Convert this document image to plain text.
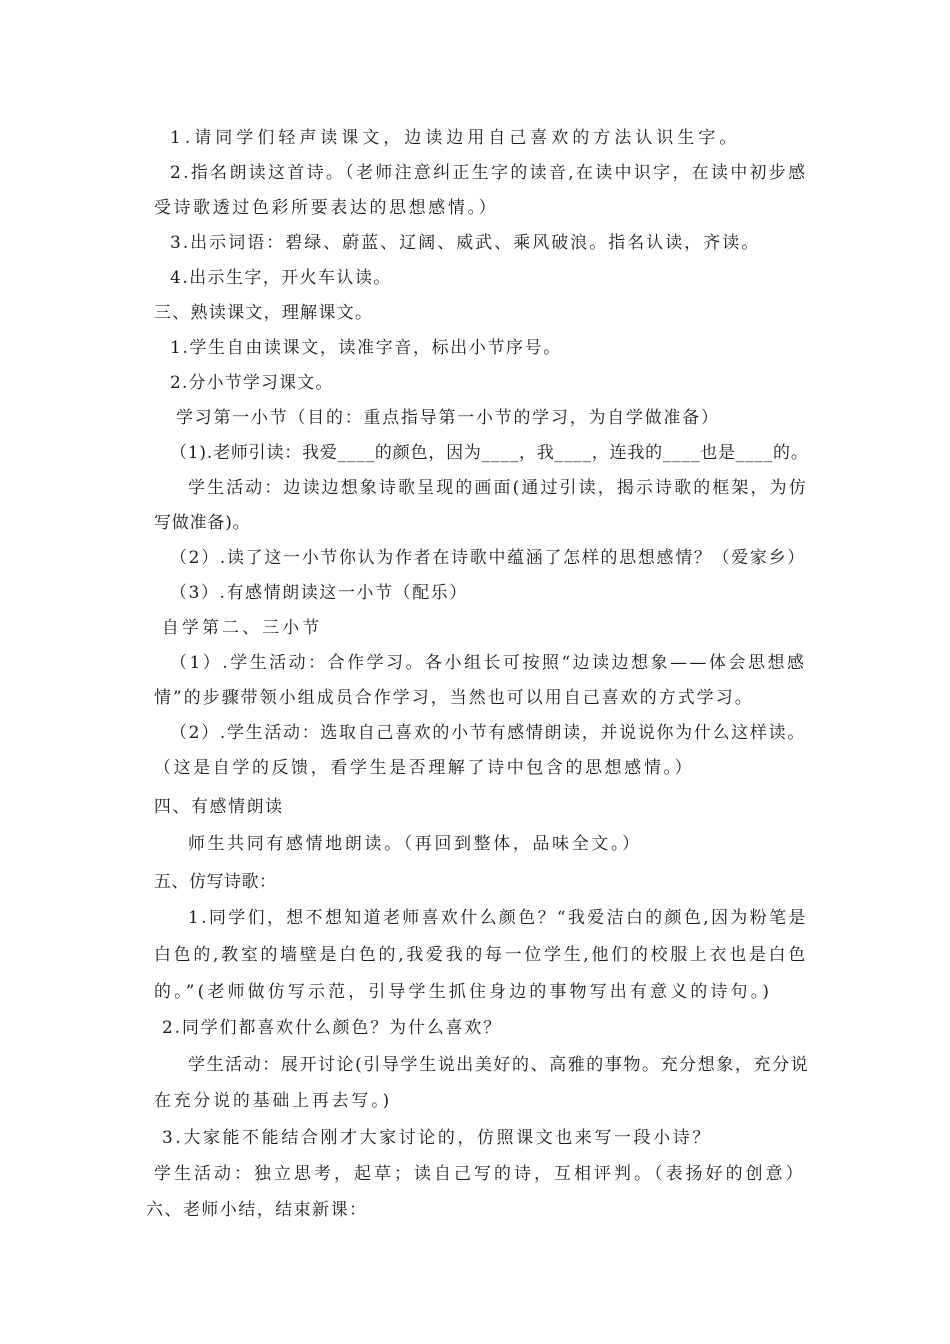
1.请同学们轻声读课文，边读边用自己喜欢的方法认识生字。
2.指名朗读这首诗。（老师注意纠正生字的读音,在读中识字，在读中初步感
受诗歌透过色彩所要表达的思想感情。）
3.出示词语：碧绿、蔚蓝、辽阔、威武、乘风破浪。指名认读，齐读。
4.出示生字，开火车认读。
三、熟读课文，理解课文。
1.学生自由读课文，读准字音，标出小节序号。
2.分小节学习课文。
学习第一小节（目的：重点指导第一小节的学习，为自学做准备）
（1).老师引读：我爱____的颜色，因为____，我____，连我的____也是____的。
学生活动：边读边想象诗歌呈现的画面(通过引读，揭示诗歌的框架，为仿
写做准备)。
（2）.读了这一小节你认为作者在诗歌中蕴涵了怎样的思想感情？（爱家乡）
（3）.有感情朗读这一小节（配乐）
自学第二、三小节
（1）.学生活动：合作学习。各小组长可按照“边读边想象——体会思想感
情”的步骤带领小组成员合作学习，当然也可以用自己喜欢的方式学习。
（2）.学生活动：选取自己喜欢的小节有感情朗读，并说说你为什么这样读。
（这是自学的反馈，看学生是否理解了诗中包含的思想感情。）
四、有感情朗读
师生共同有感情地朗读。（再回到整体，品味全文。）
五、仿写诗歌：
1.同学们，想不想知道老师喜欢什么颜色？“我爱洁白的颜色,因为粉笔是
白色的,教室的墙壁是白色的,我爱我的每一位学生,他们的校服上衣也是白色
的。”(老师做仿写示范，引导学生抓住身边的事物写出有意义的诗句。)
2.同学们都喜欢什么颜色？为什么喜欢？
学生活动：展开讨论(引导学生说出美好的、高雅的事物。充分想象，充分说
在充分说的基础上再去写。)
3.大家能不能结合刚才大家讨论的，仿照课文也来写一段小诗？
学生活动：独立思考，起草；读自己写的诗，互相评判。（表扬好的创意）
六、老师小结，结束新课：
